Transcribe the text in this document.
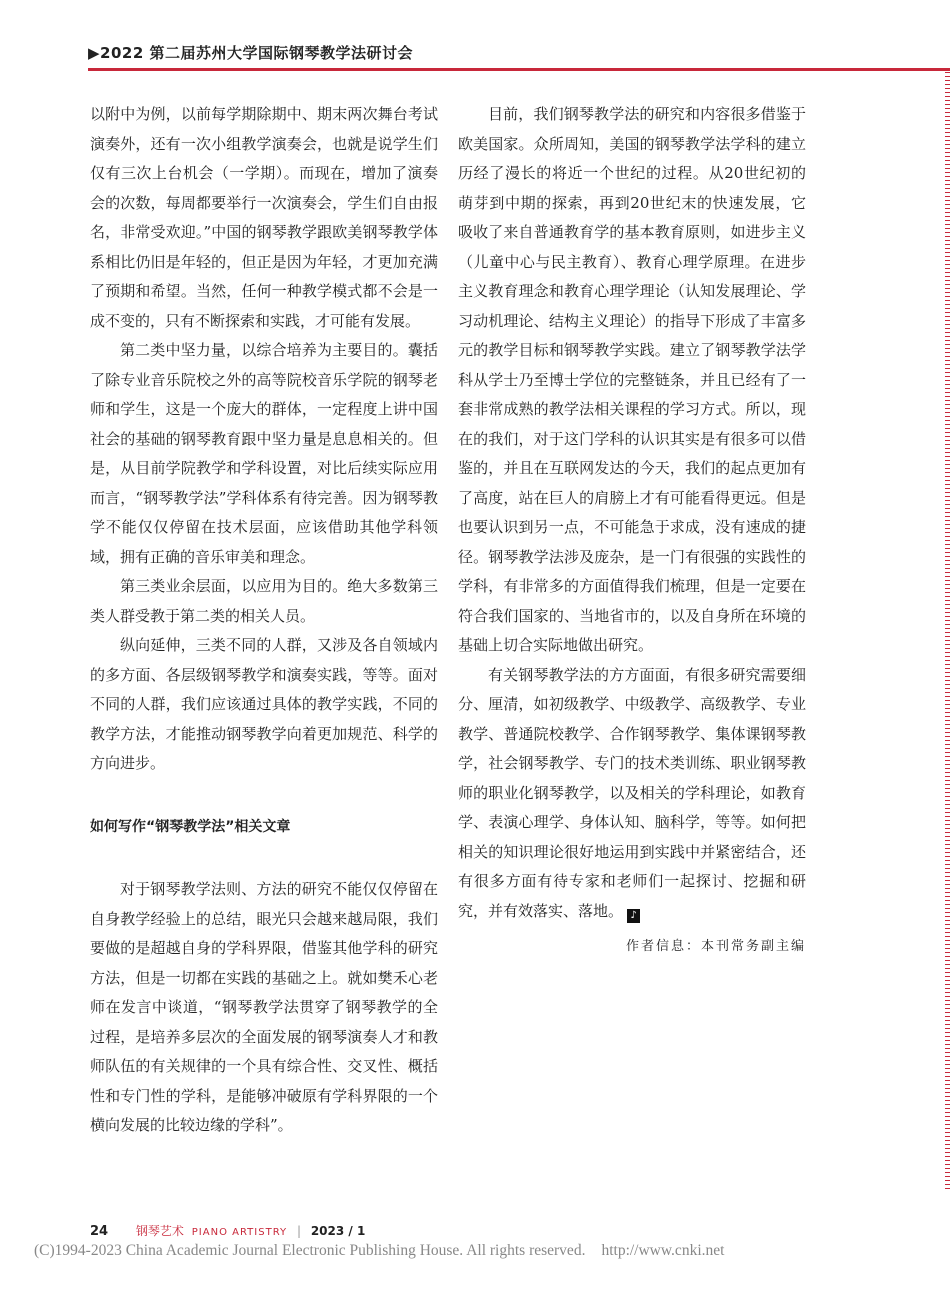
▶2022 第二届苏州大学国际钢琴教学法研讨会

以附中为例，以前每学期除期中、期末两次舞台考试演奏外，还有一次小组教学演奏会，也就是说学生们仅有三次上台机会（一学期）。而现在，增加了演奏会的次数，每周都要举行一次演奏会，学生们自由报名，非常受欢迎。”中国的钢琴教学跟欧美钢琴教学体系相比仍旧是年轻的，但正是因为年轻，才更加充满了预期和希望。当然，任何一种教学模式都不会是一成不变的，只有不断探索和实践，才可能有发展。

第二类中坚力量，以综合培养为主要目的。囊括了除专业音乐院校之外的高等院校音乐学院的钢琴老师和学生，这是一个庞大的群体，一定程度上讲中国社会的基础的钢琴教育跟中坚力量是息息相关的。但是，从目前学院教学和学科设置，对比后续实际应用而言，“钢琴教学法”学科体系有待完善。因为钢琴教学不能仅仅停留在技术层面，应该借助其他学科领域，拥有正确的音乐审美和理念。

第三类业余层面，以应用为目的。绝大多数第三类人群受教于第二类的相关人员。

纵向延伸，三类不同的人群，又涉及各自领域内的多方面、各层级钢琴教学和演奏实践，等等。面对不同的人群，我们应该通过具体的教学实践，不同的教学方法，才能推动钢琴教学向着更加规范、科学的方向进步。

如何写作“钢琴教学法”相关文章

对于钢琴教学法则、方法的研究不能仅仅停留在自身教学经验上的总结，眼光只会越来越局限，我们要做的是超越自身的学科界限，借鉴其他学科的研究方法，但是一切都在实践的基础之上。就如樊禾心老师在发言中谈道，“钢琴教学法贯穿了钢琴教学的全过程，是培养多层次的全面发展的钢琴演奏人才和教师队伍的有关规律的一个具有综合性、交叉性、概括性和专门性的学科，是能够冲破原有学科界限的一个横向发展的比较边缘的学科”。

目前，我们钢琴教学法的研究和内容很多借鉴于欧美国家。众所周知，美国的钢琴教学法学科的建立历经了漫长的将近一个世纪的过程。从20世纪初的萌芽到中期的探索，再到20世纪末的快速发展，它吸收了来自普通教育学的基本教育原则，如进步主义（儿童中心与民主教育）、教育心理学原理。在进步主义教育理念和教育心理学理论（认知发展理论、学习动机理论、结构主义理论）的指导下形成了丰富多元的教学目标和钢琴教学实践。建立了钢琴教学法学科从学士乃至博士学位的完整链条，并且已经有了一套非常成熟的教学法相关课程的学习方式。所以，现在的我们，对于这门学科的认识其实是有很多可以借鉴的，并且在互联网发达的今天，我们的起点更加有了高度，站在巨人的肩膀上才有可能看得更远。但是也要认识到另一点，不可能急于求成，没有速成的捷径。钢琴教学法涉及庞杂，是一门有很强的实践性的学科，有非常多的方面值得我们梳理，但是一定要在符合我们国家的、当地省市的，以及自身所在环境的基础上切合实际地做出研究。

有关钢琴教学法的方方面面，有很多研究需要细分、厘清，如初级教学、中级教学、高级教学、专业教学、普通院校教学、合作钢琴教学、集体课钢琴教学，社会钢琴教学、专门的技术类训练、职业钢琴教师的职业化钢琴教学，以及相关的学科理论，如教育学、表演心理学、身体认知、脑科学，等等。如何把相关的知识理论很好地运用到实践中并紧密结合，还有很多方面有待专家和老师们一起探讨、挖掘和研究，并有效落实、落地。 ♪

作者信息：本刊常务副主编

24 钢琴艺术 PIANO ARTISTRY | 2023 / 1
(C)1994-2023 China Academic Journal Electronic Publishing House. All rights reserved. http://www.cnki.net
